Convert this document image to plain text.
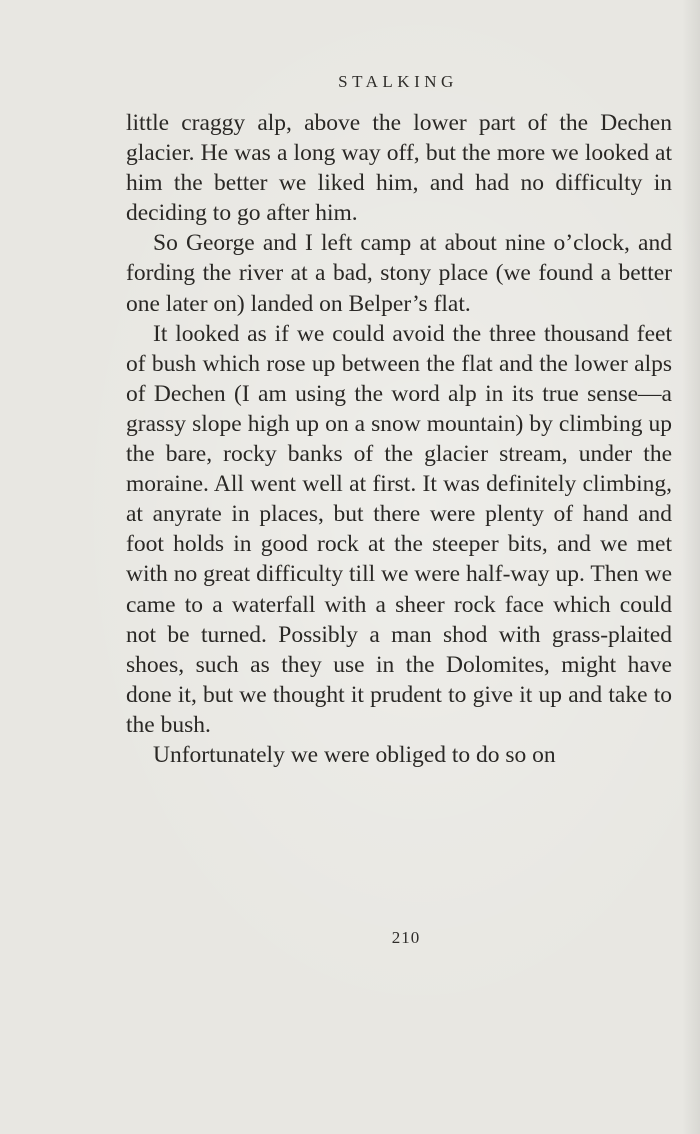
STALKING

little craggy alp, above the lower part of the Dechen glacier. He was a long way off, but the more we looked at him the better we liked him, and had no difficulty in deciding to go after him.

So George and I left camp at about nine o’clock, and fording the river at a bad, stony place (we found a better one later on) landed on Belper’s flat.

It looked as if we could avoid the three thousand feet of bush which rose up between the flat and the lower alps of Dechen (I am using the word alp in its true sense—a grassy slope high up on a snow mountain) by climbing up the bare, rocky banks of the glacier stream, under the moraine. All went well at first. It was definitely climbing, at anyrate in places, but there were plenty of hand and foot holds in good rock at the steeper bits, and we met with no great difficulty till we were half-way up. Then we came to a waterfall with a sheer rock face which could not be turned. Possibly a man shod with grass-plaited shoes, such as they use in the Dolomites, might have done it, but we thought it prudent to give it up and take to the bush.

Unfortunately we were obliged to do so on

210
